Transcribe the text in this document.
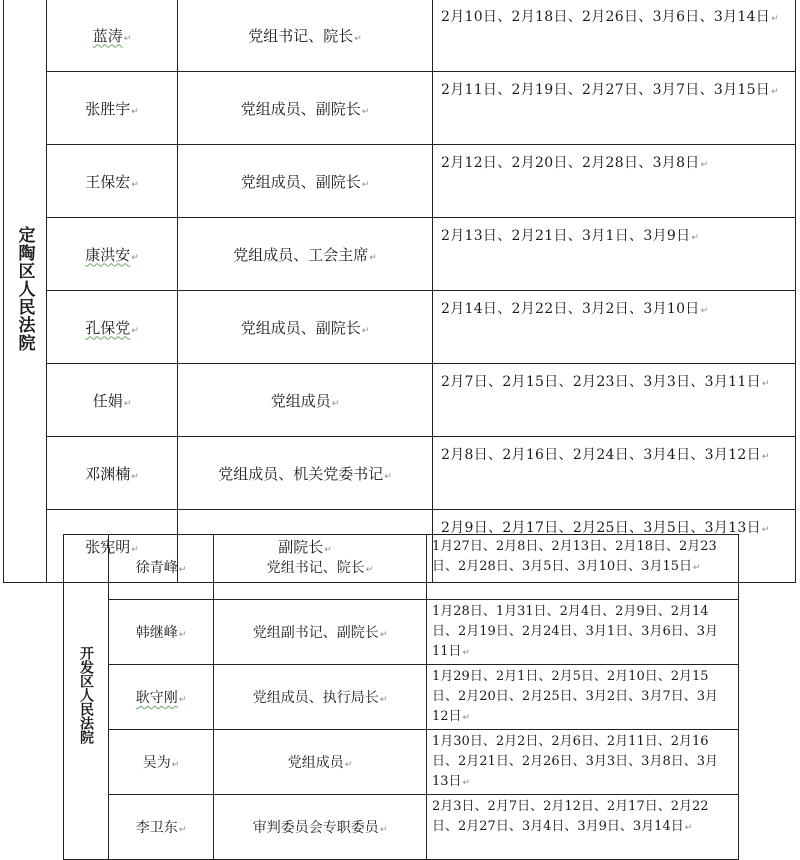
定陶区人民法院	蓝涛↵	党组书记、院长↵	2月10日、2月18日、2月26日、3月6日、3月14日↵
	张胜宇↵	党组成员、副院长↵	2月11日、2月19日、2月27日、3月7日、3月15日↵
	王保宏↵	党组成员、副院长↵	2月12日、2月20日、2月28日、3月8日↵
	康洪安↵	党组成员、工会主席↵	2月13日、2月21日、3月1日、3月9日↵
	孔保党↵	党组成员、副院长↵	2月14日、2月22日、3月2日、3月10日↵
	任娟↵	党组成员↵	2月7日、2月15日、2月23日、3月3日、3月11日↵
	邓渊楠↵	党组成员、机关党委书记↵	2月8日、2月16日、2月24日、3月4日、3月12日↵
	张宪明↵	副院长↵	2月9日、2月17日、2月25日、3月5日、3月13日↵
开发区人民法院	徐青峰↵	党组书记、院长↵	1月27日、2月8日、2月13日、2月18日、2月23日、2月28日、3月5日、3月10日、3月15日↵
	韩继峰↵	党组副书记、副院长↵	1月28日、1月31日、2月4日、2月9日、2月14日、2月19日、2月24日、3月1日、3月6日、3月11日↵
	耿守刚↵	党组成员、执行局长↵	1月29日、2月1日、2月5日、2月10日、2月15日、2月20日、2月25日、3月2日、3月7日、3月12日↵
	吴为↵	党组成员↵	1月30日、2月2日、2月6日、2月11日、2月16日、2月21日、2月26日、3月3日、3月8日、3月13日↵
	李卫东↵	审判委员会专职委员↵	2月3日、2月7日、2月12日、2月17日、2月22日、2月27日、3月4日、3月9日、3月14日↵
